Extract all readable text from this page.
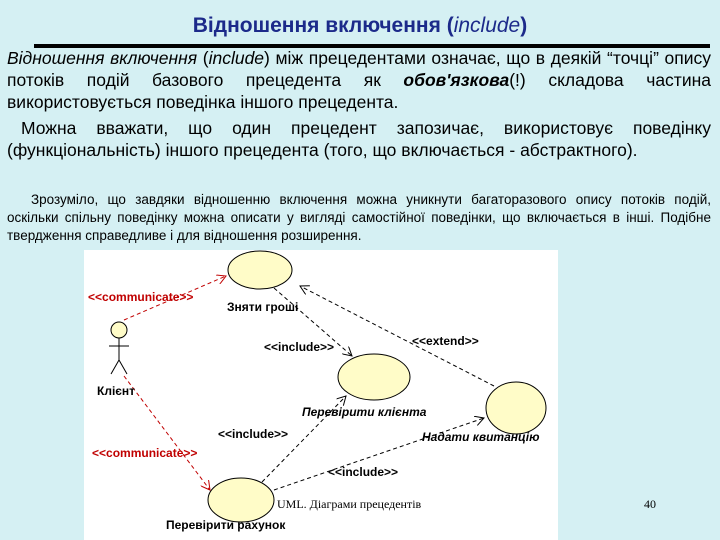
Відношення включення (include)
Відношення включення (include) між прецедентами означає, що в деякій “точці” опису потоків подій базового прецедента як обов'язкова(!) складова частина використовується поведінка іншого прецедента.
Можна вважати, що один прецедент запозичає, використовує поведінку (функціональність) іншого прецедента (того, що включається - абстрактного).
Зрозуміло, що завдяки відношенню включення можна уникнути багаторазового опису потоків подій, оскільки спільну поведінку можна описати у вигляді самостійної поведінки, що включається в інші. Подібне твердження справедливе і для відношення розширення.
<<communicate>>
Зняти гроші
<<include>>	<<extend>>
Клієнт
Перевірити клієнта
<<include>>	Надати квитанцію
<<communicate>>
<<include>>
Перевірити рахунок
UML. Діаграми прецедентів	40
